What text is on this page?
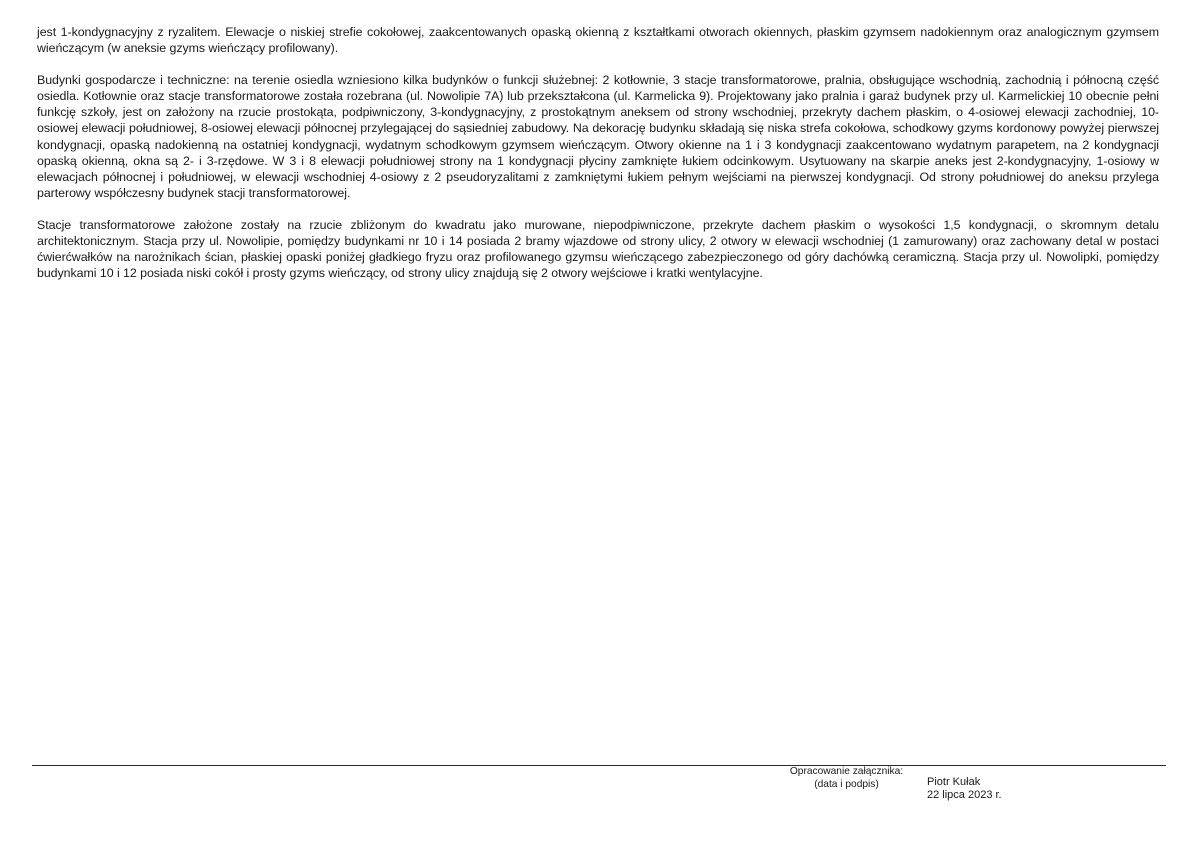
jest 1-kondygnacyjny z ryzalitem. Elewacje o niskiej strefie cokołowej, zaakcentowanych opaską okienną z kształtkami otworach okiennych, płaskim gzymsem nadokiennym oraz analogicznym gzymsem wieńczącym (w aneksie gzyms wieńczący profilowany).

Budynki gospodarcze i techniczne: na terenie osiedla wzniesiono kilka budynków o funkcji służebnej: 2 kotłownie, 3 stacje transformatorowe, pralnia, obsługujące wschodnią, zachodnią i północną część osiedla. Kotłownie oraz stacje transformatorowe została rozebrana (ul. Nowolipie 7A) lub przekształcona (ul. Karmelicka 9). Projektowany jako pralnia i garaż budynek przy ul. Karmelickiej 10 obecnie pełni funkcję szkoły, jest on założony na rzucie prostokąta, podpiwniczony, 3-kondygnacyjny, z prostokątnym aneksem od strony wschodniej, przekryty dachem płaskim, o 4-osiowej elewacji zachodniej, 10-osiowej elewacji południowej, 8-osiowej elewacji północnej przylegającej do sąsiedniej zabudowy. Na dekorację budynku składają się niska strefa cokołowa, schodkowy gzyms kordonowy powyżej pierwszej kondygnacji, opaską nadokienną na ostatniej kondygnacji, wydatnym schodkowym gzymsem wieńczącym. Otwory okienne na 1 i 3 kondygnacji zaakcentowano wydatnym parapetem, na 2 kondygnacji opaską okienną, okna są 2- i 3-rzędowe. W 3 i 8 elewacji południowej strony na 1 kondygnacji płyciny zamknięte łukiem odcinkowym. Usytuowany na skarpie aneks jest 2-kondygnacyjny, 1-osiowy w elewacjach północnej i południowej, w elewacji wschodniej 4-osiowy z 2 pseudoryzalitami z zamkniętymi łukiem pełnym wejściami na pierwszej kondygnacji. Od strony południowej do aneksu przylega parterowy współczesny budynek stacji transformatorowej.

Stacje transformatorowe założone zostały na rzucie zbliżonym do kwadratu jako murowane, niepodpiwniczone, przekryte dachem płaskim o wysokości 1,5 kondygnacji, o skromnym detalu architektonicznym. Stacja przy ul. Nowolipie, pomiędzy budynkami nr 10 i 14 posiada 2 bramy wjazdowe od strony ulicy, 2 otwory w elewacji wschodniej (1 zamurowany) oraz zachowany detal w postaci ćwierćwałków na narożnikach ścian, płaskiej opaski poniżej gładkiego fryzu oraz profilowanego gzymsu wieńczącego zabezpieczonego od góry dachówką ceramiczną. Stacja przy ul. Nowolipki, pomiędzy budynkami 10 i 12 posiada niski cokół i prosty gzyms wieńczący, od strony ulicy znajdują się 2 otwory wejściowe i kratki wentylacyjne.

Opracowanie załącznika:
(data i podpis)	Piotr Kułak
22 lipca 2023 r.
